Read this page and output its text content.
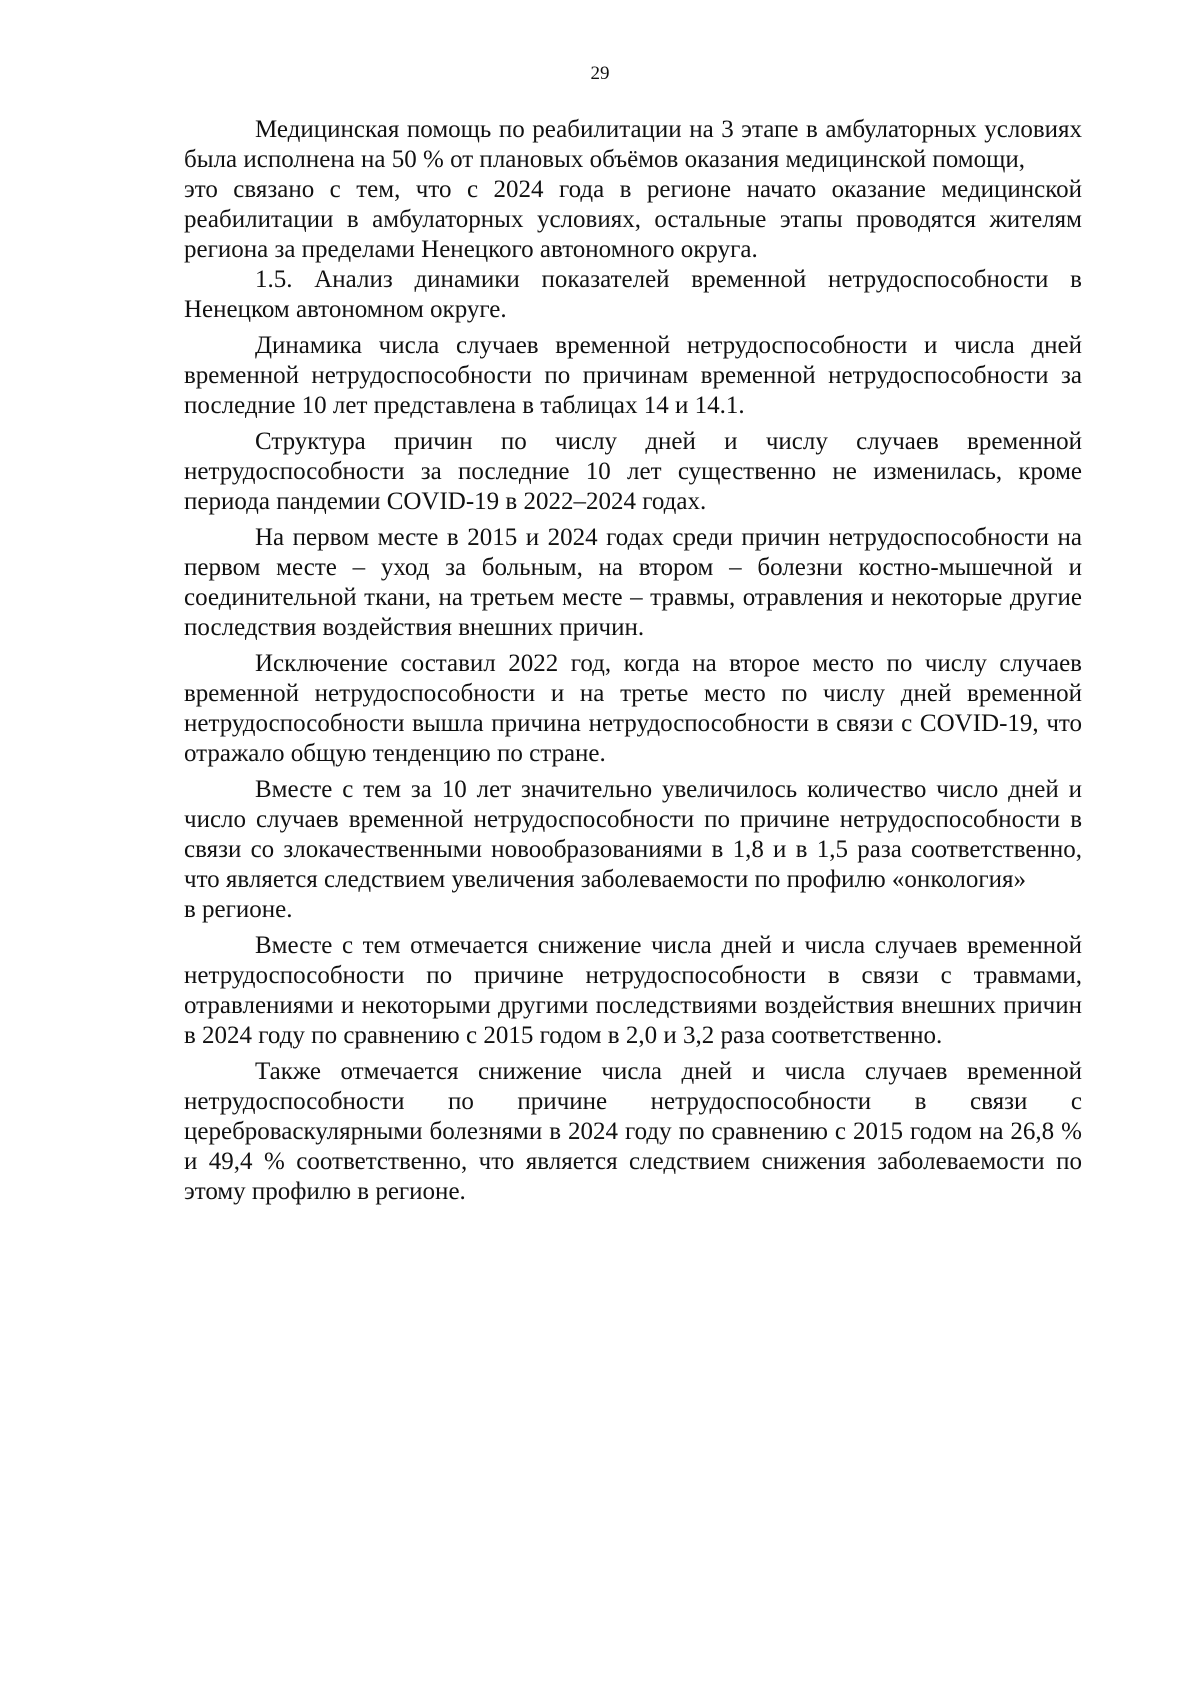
29

Медицинская помощь по реабилитации на 3 этапе в амбулаторных условиях была исполнена на 50 % от плановых объёмов оказания медицинской помощи,

это связано с тем, что с 2024 года в регионе начато оказание медицинской реабилитации в амбулаторных условиях, остальные этапы проводятся жителям региона за пределами Ненецкого автономного округа.

1.5. Анализ динамики показателей временной нетрудоспособности в Ненецком автономном округе.

Динамика числа случаев временной нетрудоспособности и числа дней временной нетрудоспособности по причинам временной нетрудоспособности за последние 10 лет представлена в таблицах 14 и 14.1.

Структура причин по числу дней и числу случаев временной нетрудоспособности за последние 10 лет существенно не изменилась, кроме периода пандемии COVID-19 в 2022–2024 годах.

На первом месте в 2015 и 2024 годах среди причин нетрудоспособности на первом месте – уход за больным, на втором – болезни костно-мышечной и соединительной ткани, на третьем месте – травмы, отравления и некоторые другие последствия воздействия внешних причин.

Исключение составил 2022 год, когда на второе место по числу случаев временной нетрудоспособности и на третье место по числу дней временной нетрудоспособности вышла причина нетрудоспособности в связи с COVID-19, что отражало общую тенденцию по стране.

Вместе с тем за 10 лет значительно увеличилось количество число дней и число случаев временной нетрудоспособности по причине нетрудоспособности в связи со злокачественными новообразованиями в 1,8 и в 1,5 раза соответственно, что является следствием увеличения заболеваемости по профилю «онкология»

в регионе.

Вместе с тем отмечается снижение числа дней и числа случаев временной нетрудоспособности по причине нетрудоспособности в связи с травмами, отравлениями и некоторыми другими последствиями воздействия внешних причин в 2024 году по сравнению с 2015 годом в 2,0 и 3,2 раза соответственно.

Также отмечается снижение числа дней и числа случаев временной нетрудоспособности по причине нетрудоспособности в связи с цереброваскулярными болезнями в 2024 году по сравнению с 2015 годом на 26,8 % и 49,4 % соответственно, что является следствием снижения заболеваемости по этому профилю в регионе.
